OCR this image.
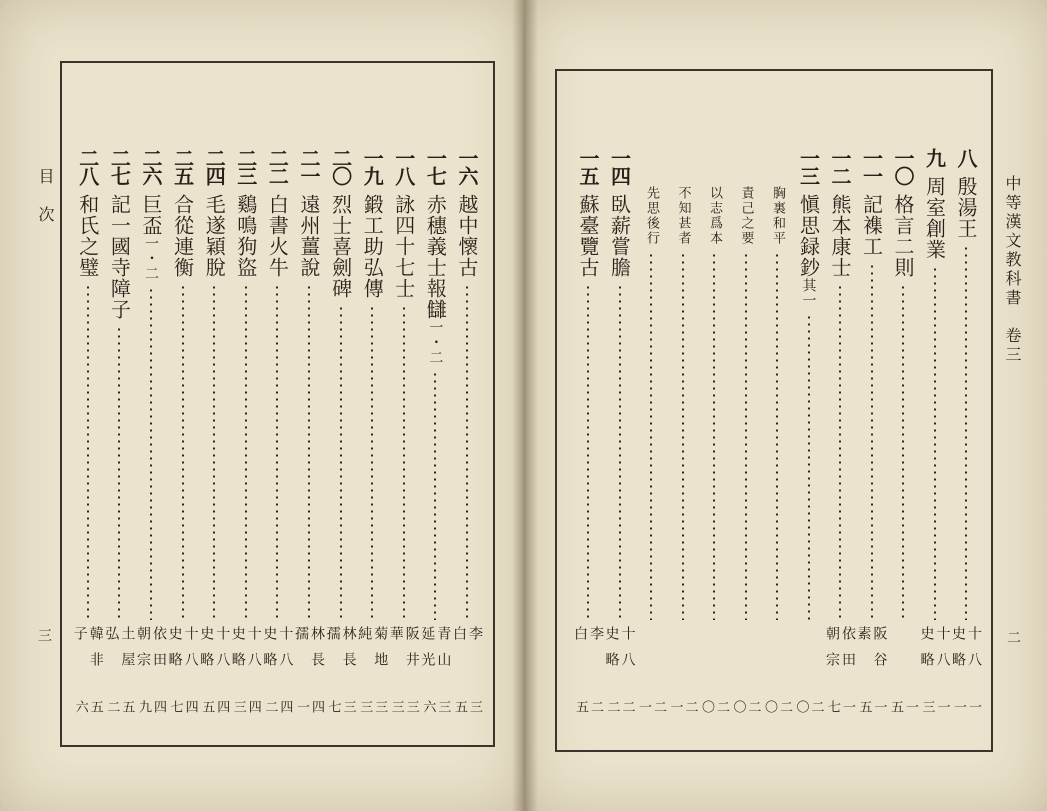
目　次
三
中等漢文教科書　卷三
二
一六
越中懷古
李　白
三五
一七
赤穗義士報讎一・二
青山延光
三六
一八
詠四十七士
阪井華
三三
一九
鍛工助弘傳
菊地純
三三
二〇
烈士喜劍碑
林長孺
三七
二一
遠州薑說
林長孺
四一
二二
白書火牛
十八史略
四二
二三
鷄鳴狗盜
十八史略
四三
二四
毛遂穎脫
十八史略
四五
二五
合從連衡
十八史略
四七
二六
巨盃一・二
依田朝宗
四九
二七
記一國寺障子
土屋弘
五二
二八
和氏之璧
韓非子
五六
八
殷湯王
十八史略
一一
九
周室創業
十八史略
一三
一〇
格言二則
一五
一一
記襍工
阪谷素
一五
一二
熊本康士
依田朝宗
一七
一三
愼思録鈔其一
二〇
胸裏和平
二〇
責己之要
二〇
以志爲本
二〇
不知甚者
二一
先思後行
二一
一四
臥薪嘗膽
十八史略
二二
一五
蘇臺覽古
李　白
二五
